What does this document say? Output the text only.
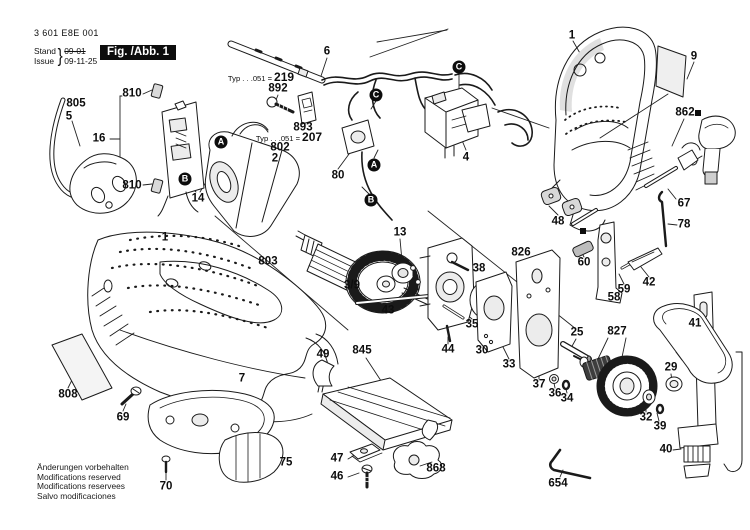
3 601 E8E 001
Stand
Issue } 09-01
09-11-25
Fig. /Abb. 1
Änderungen vorbehalten
Modifications reserved
Modifications reservees
Salvo modificaciones
805
5
810
16
810
14
6
892
893
802
2
80
4
1
9
862
67
78
48
60
59
58
42
826
38
35
44 30
33
25
37
36 34
13
803
3/9
43
1
7
808
69
70
75
49 845
47
46
868
827
41
29
32
39
40
654
A
B
C
A
C
B
Typ . . .051 = 219
Typ . . .051 = 207
